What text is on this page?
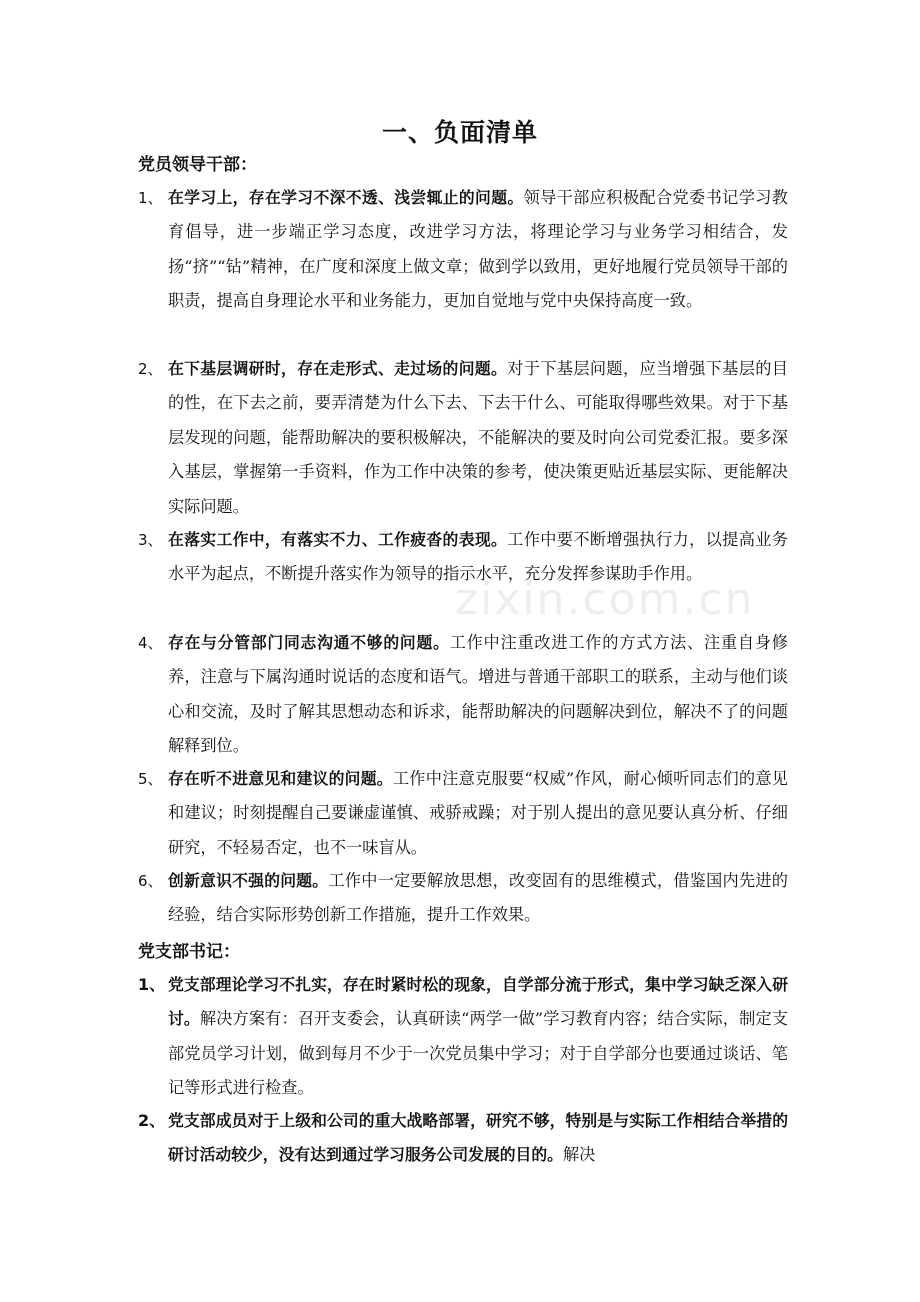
一、负面清单
党员领导干部：
1、 在学习上，存在学习不深不透、浅尝辄止的问题。领导干部应积极配合党委书记学习教育倡导，进一步端正学习态度，改进学习方法，将理论学习与业务学习相结合，发扬“挤”“钻”精神，在广度和深度上做文章；做到学以致用，更好地履行党员领导干部的职责，提高自身理论水平和业务能力，更加自觉地与党中央保持高度一致。
2、 在下基层调研时，存在走形式、走过场的问题。对于下基层问题，应当增强下基层的目的性，在下去之前，要弄清楚为什么下去、下去干什么、可能取得哪些效果。对于下基层发现的问题，能帮助解决的要积极解决，不能解决的要及时向公司党委汇报。要多深入基层，掌握第一手资料，作为工作中决策的参考，使决策更贴近基层实际、更能解决实际问题。
3、 在落实工作中，有落实不力、工作疲沓的表现。工作中要不断增强执行力，以提高业务水平为起点，不断提升落实作为领导的指示水平，充分发挥参谋助手作用。
4、 存在与分管部门同志沟通不够的问题。工作中注重改进工作的方式方法、注重自身修养，注意与下属沟通时说话的态度和语气。增进与普通干部职工的联系，主动与他们谈心和交流，及时了解其思想动态和诉求，能帮助解决的问题解决到位，解决不了的问题解释到位。
5、 存在听不进意见和建议的问题。工作中注意克服要“权威”作风，耐心倾听同志们的意见和建议；时刻提醒自己要谦虚谨慎、戒骄戒躁；对于别人提出的意见要认真分析、仔细研究，不轻易否定，也不一味盲从。
6、 创新意识不强的问题。工作中一定要解放思想，改变固有的思维模式，借鉴国内先进的经验，结合实际形势创新工作措施，提升工作效果。
党支部书记：
1、 党支部理论学习不扎实，存在时紧时松的现象，自学部分流于形式，集中学习缺乏深入研讨。解决方案有：召开支委会，认真研读“两学一做”学习教育内容；结合实际，制定支部党员学习计划，做到每月不少于一次党员集中学习；对于自学部分也要通过谈话、笔记等形式进行检查。
2、 党支部成员对于上级和公司的重大战略部署，研究不够，特别是与实际工作相结合举措的研讨活动较少，没有达到通过学习服务公司发展的目的。解决
zixin.com.cn
